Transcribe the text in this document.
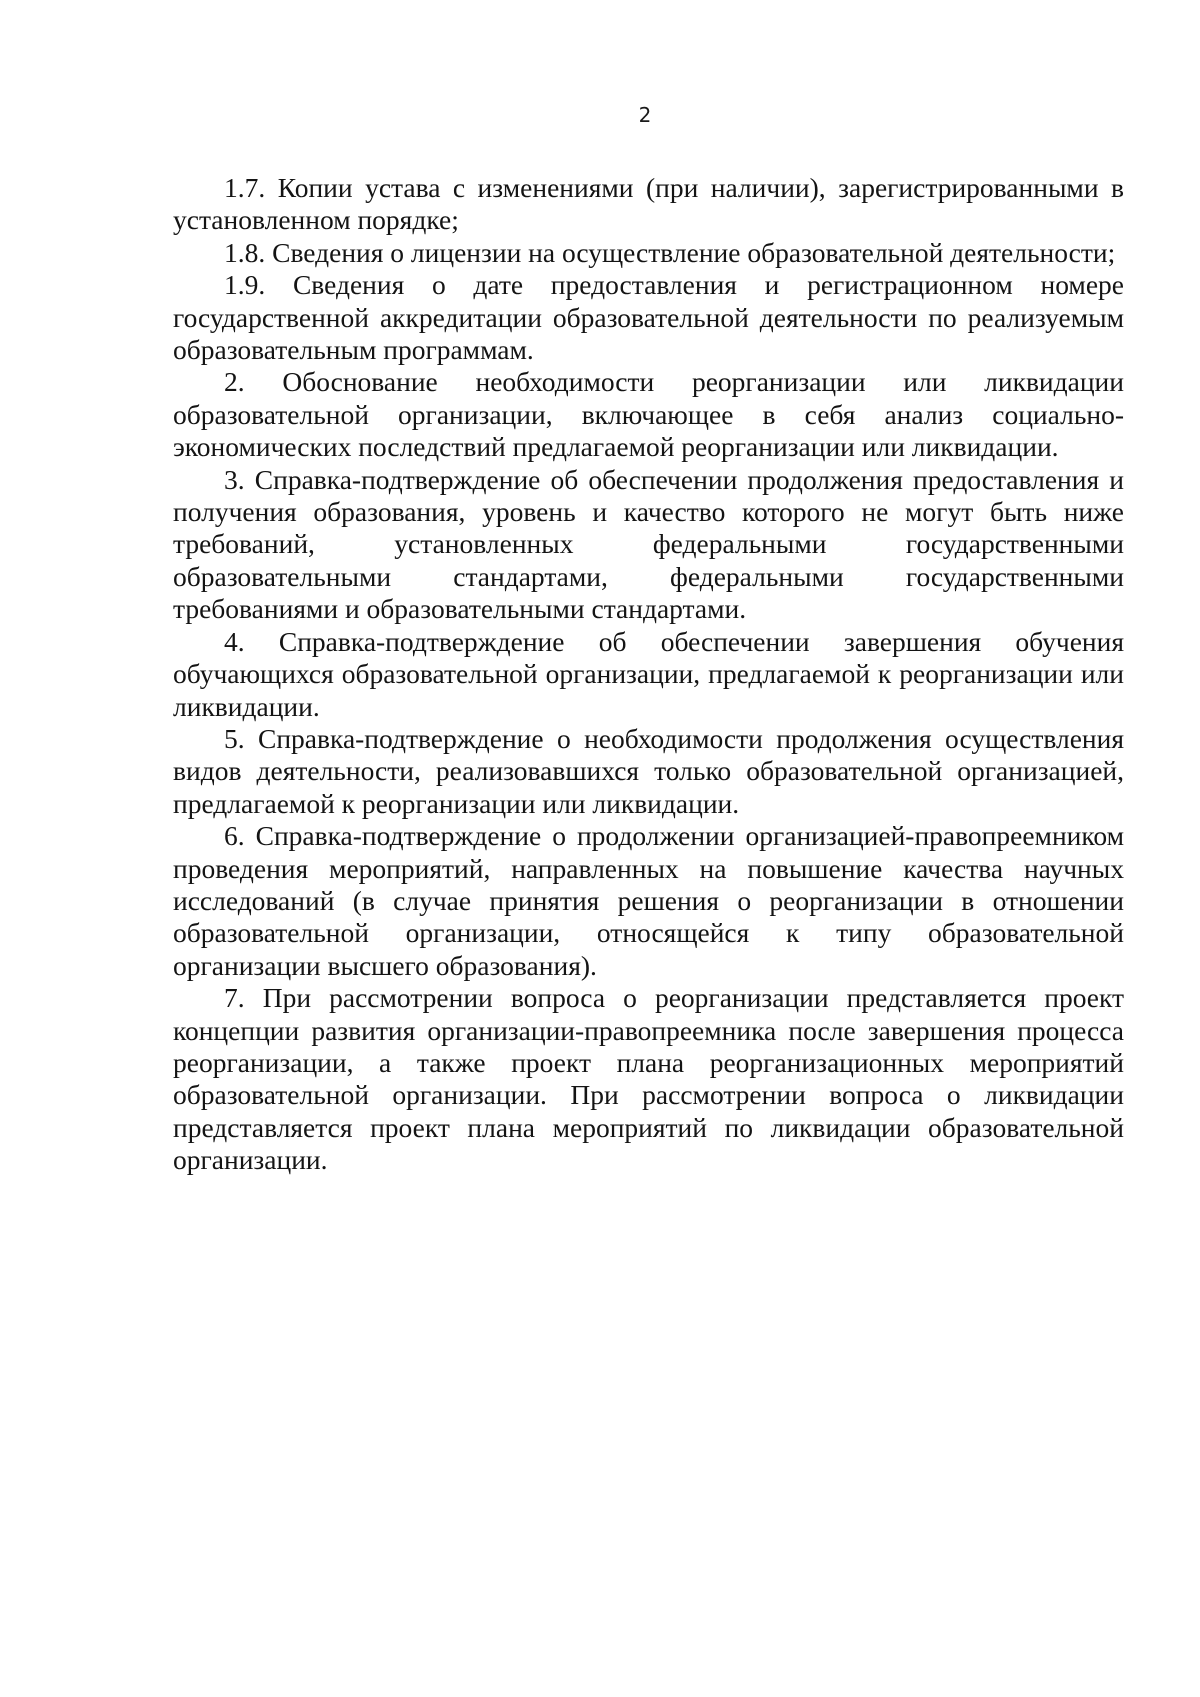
2

1.7. Копии устава с изменениями (при наличии), зарегистрированными в установленном порядке;

1.8. Сведения о лицензии на осуществление образовательной деятельности;

1.9. Сведения о дате предоставления и регистрационном номере государственной аккредитации образовательной деятельности по реализуемым образовательным программам.

2. Обоснование необходимости реорганизации или ликвидации образовательной организации, включающее в себя анализ социально-экономических последствий предлагаемой реорганизации или ликвидации.

3. Справка-подтверждение об обеспечении продолжения предоставления и получения образования, уровень и качество которого не могут быть ниже требований, установленных федеральными государственными образовательными стандартами, федеральными государственными требованиями и образовательными стандартами.

4. Справка-подтверждение об обеспечении завершения обучения обучающихся образовательной организации, предлагаемой к реорганизации или ликвидации.

5. Справка-подтверждение о необходимости продолжения осуществления видов деятельности, реализовавшихся только образовательной организацией, предлагаемой к реорганизации или ликвидации.

6. Справка-подтверждение о продолжении организацией-правопреемником проведения мероприятий, направленных на повышение качества научных исследований (в случае принятия решения о реорганизации в отношении образовательной организации, относящейся к типу образовательной организации высшего образования).

7. При рассмотрении вопроса о реорганизации представляется проект концепции развития организации-правопреемника после завершения процесса реорганизации, а также проект плана реорганизационных мероприятий образовательной организации. При рассмотрении вопроса о ликвидации представляется проект плана мероприятий по ликвидации образовательной организации.
